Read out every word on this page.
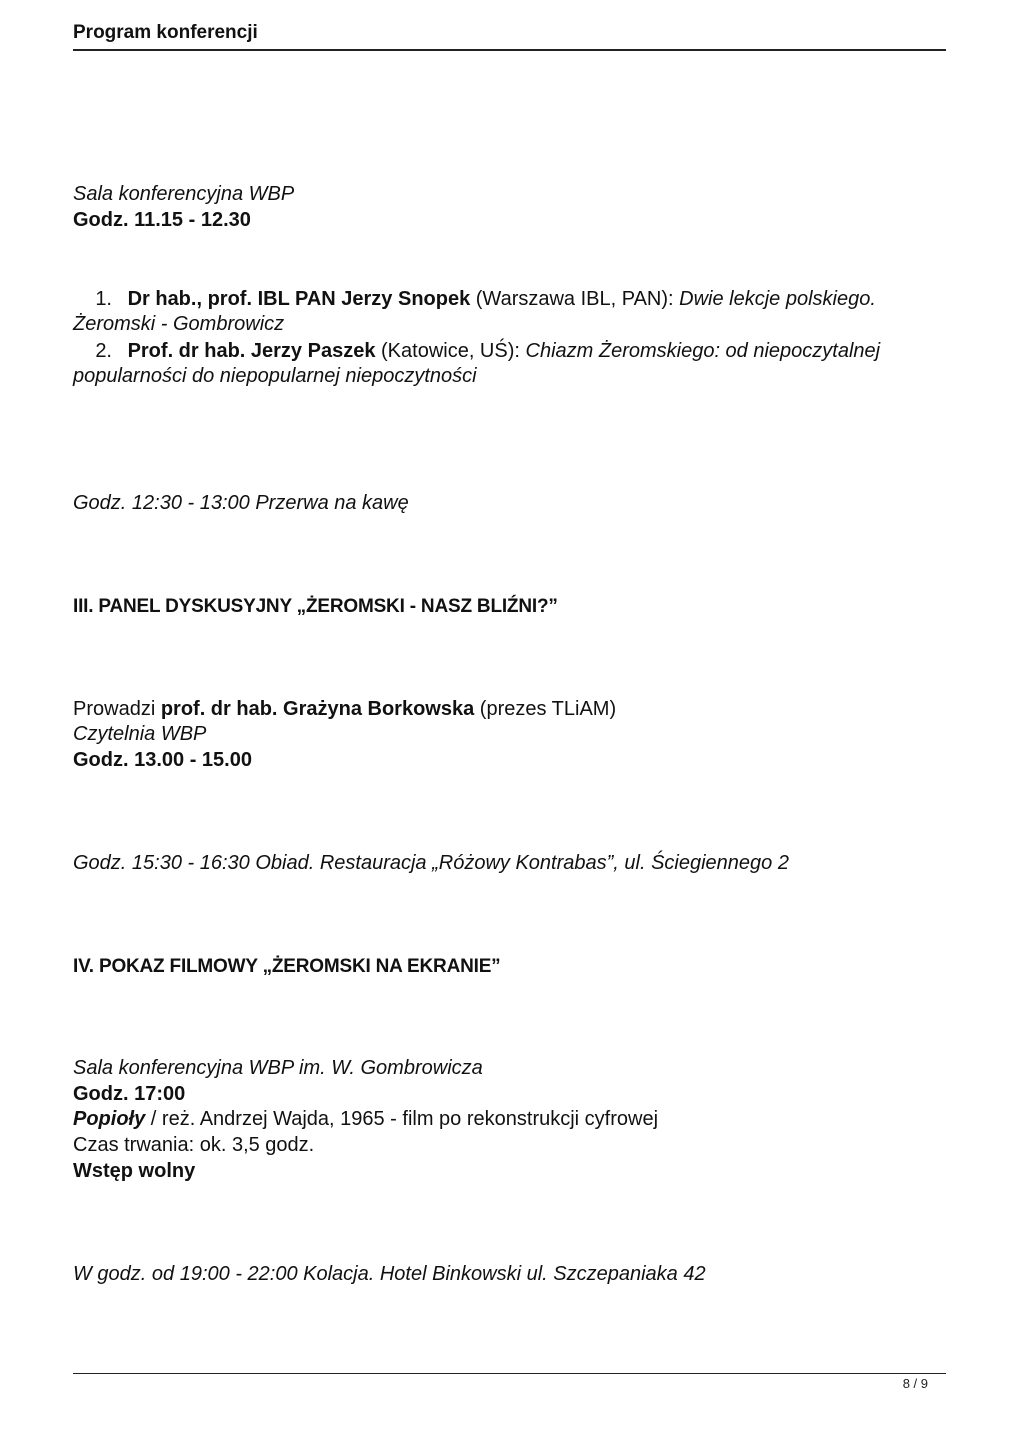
Program konferencji
Sala konferencyjna WBP
Godz. 11.15 - 12.30
1. Dr hab., prof. IBL PAN Jerzy Snopek (Warszawa IBL, PAN): Dwie lekcje polskiego.
Żeromski - Gombrowicz
2. Prof. dr hab. Jerzy Paszek (Katowice, UŚ): Chiazm Żeromskiego: od niepoczytalnej
popularności do niepopularnej niepoczytności
Godz. 12:30 - 13:00 Przerwa na kawę
III. PANEL DYSKUSYJNY „ŻEROMSKI - NASZ BLIŹNI?”
Prowadzi prof. dr hab. Grażyna Borkowska (prezes TLiAM)
Czytelnia WBP
Godz. 13.00 - 15.00
Godz. 15:30 - 16:30 Obiad. Restauracja „Różowy Kontrabas”, ul. Ściegiennego 2
IV. POKAZ FILMOWY „ŻEROMSKI NA EKRANIE”
Sala konferencyjna WBP im. W. Gombrowicza
Godz. 17:00
Popioły / reż. Andrzej Wajda, 1965 - film po rekonstrukcji cyfrowej
Czas trwania: ok. 3,5 godz.
Wstęp wolny
W godz. od 19:00 - 22:00 Kolacja. Hotel Binkowski ul. Szczepaniaka 42
8 / 9
